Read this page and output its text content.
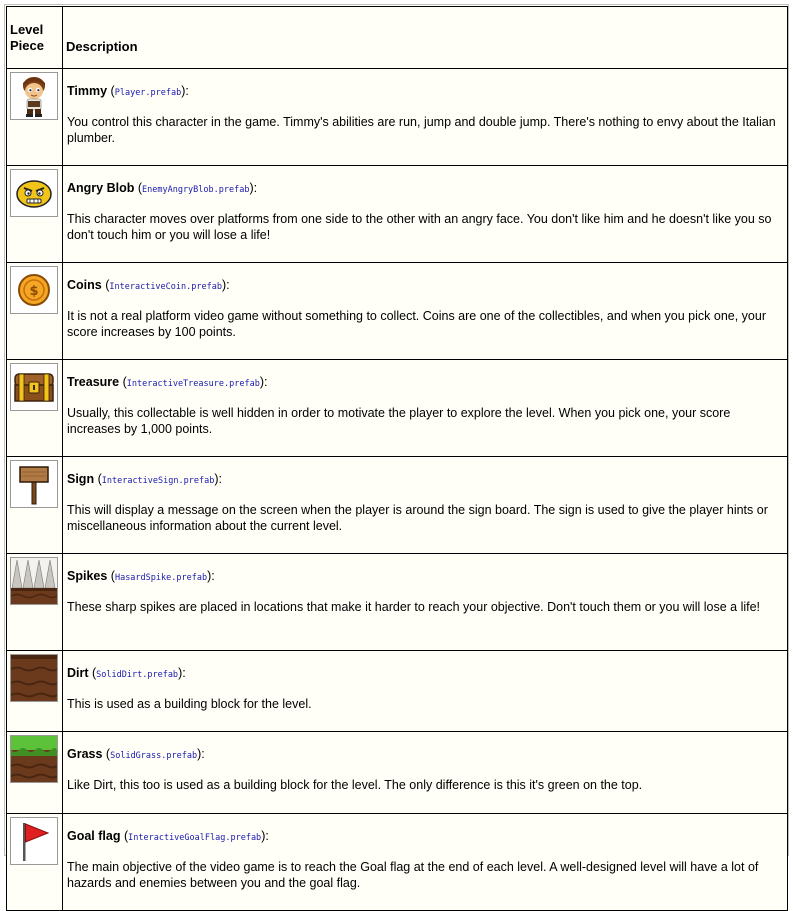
Level Piece	Description

Timmy (Player.prefab):
You control this character in the game. Timmy's abilities are run, jump and double jump. There's nothing to envy about the Italian plumber.

Angry Blob (EnemyAngryBlob.prefab):
This character moves over platforms from one side to the other with an angry face. You don't like him and he doesn't like you so don't touch him or you will lose a life!

$	Coins (InteractiveCoin.prefab):
It is not a real platform video game without something to collect. Coins are one of the collectibles, and when you pick one, your score increases by 100 points.

Treasure (InteractiveTreasure.prefab):
Usually, this collectable is well hidden in order to motivate the player to explore the level. When you pick one, your score increases by 1,000 points.

Sign (InteractiveSign.prefab):
This will display a message on the screen when the player is around the sign board. The sign is used to give the player hints or miscellaneous information about the current level.

Spikes (HasardSpike.prefab):
These sharp spikes are placed in locations that make it harder to reach your objective. Don't touch them or you will lose a life!

Dirt (SolidDirt.prefab):
This is used as a building block for the level.

Grass (SolidGrass.prefab):
Like Dirt, this too is used as a building block for the level. The only difference is this it's green on the top.

Goal flag (InteractiveGoalFlag.prefab):
The main objective of the video game is to reach the Goal flag at the end of each level. A well-designed level will have a lot of hazards and enemies between you and the goal flag.
